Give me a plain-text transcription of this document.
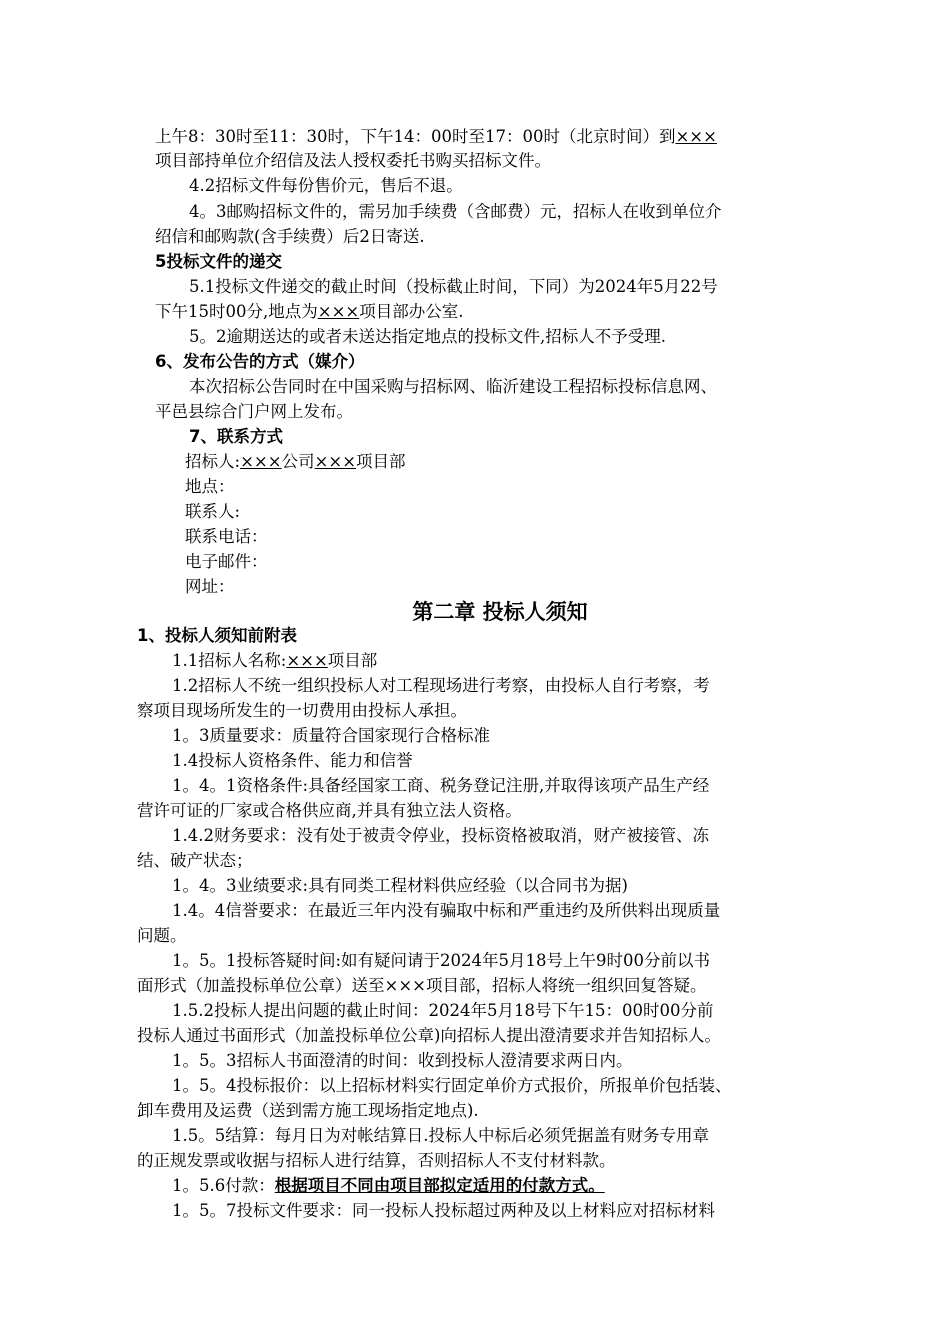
上午8：30时至11：30时，下午14：00时至17：00时（北京时间）到×××
项目部持单位介绍信及法人授权委托书购买招标文件。
4.2招标文件每份售价元，售后不退。
4。3邮购招标文件的，需另加手续费（含邮费）元，招标人在收到单位介
绍信和邮购款(含手续费）后2日寄送.
5投标文件的递交
5.1投标文件递交的截止时间（投标截止时间，下同）为2024年5月22号
下午15时00分,地点为×××项目部办公室.
5。2逾期送达的或者未送达指定地点的投标文件,招标人不予受理.
6、发布公告的方式（媒介）
本次招标公告同时在中国采购与招标网、临沂建设工程招标投标信息网、
平邑县综合门户网上发布。
7、联系方式
招标人:×××公司×××项目部
地点：
联系人:
联系电话：
电子邮件：
网址：
第二章 投标人须知
1、投标人须知前附表
1.1招标人名称:×××项目部
1.2招标人不统一组织投标人对工程现场进行考察，由投标人自行考察，考
察项目现场所发生的一切费用由投标人承担。
1。3质量要求：质量符合国家现行合格标准
1.4投标人资格条件、能力和信誉
1。4。1资格条件:具备经国家工商、税务登记注册,并取得该项产品生产经
营许可证的厂家或合格供应商,并具有独立法人资格。
1.4.2财务要求：没有处于被责令停业，投标资格被取消，财产被接管、冻
结、破产状态；
1。4。3业绩要求:具有同类工程材料供应经验（以合同书为据)
1.4。4信誉要求：在最近三年内没有骗取中标和严重违约及所供料出现质量
问题。
1。5。1投标答疑时间:如有疑问请于2024年5月18号上午9时00分前以书
面形式（加盖投标单位公章）送至×××项目部，招标人将统一组织回复答疑。
1.5.2投标人提出问题的截止时间：2024年5月18号下午15：00时00分前
投标人通过书面形式（加盖投标单位公章)向招标人提出澄清要求并告知招标人。
1。5。3招标人书面澄清的时间：收到投标人澄清要求两日内。
1。5。4投标报价：以上招标材料实行固定单价方式报价，所报单价包括装、
卸车费用及运费（送到需方施工现场指定地点).
1.5。5结算：每月日为对帐结算日.投标人中标后必须凭据盖有财务专用章
的正规发票或收据与招标人进行结算，否则招标人不支付材料款。
1。5.6付款：根据项目不同由项目部拟定适用的付款方式。
1。5。7投标文件要求：同一投标人投标超过两种及以上材料应对招标材料
